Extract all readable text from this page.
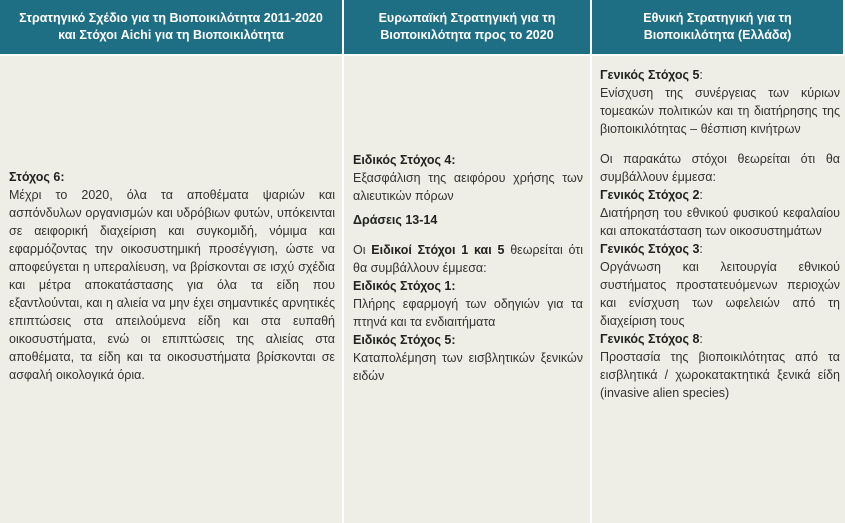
Στρατηγικό Σχέδιο για τη Βιοποικιλότητα 2011-2020 και Στόχοι Aichi για τη Βιοποικιλότητα
Ευρωπαϊκή Στρατηγική για τη Βιοποικιλότητα προς το 2020
Εθνική Στρατηγική για τη Βιοποικιλότητα (Ελλάδα)
Στόχος 6:
Μέχρι το 2020, όλα τα αποθέματα ψαριών και ασπόνδυλων οργανισμών και υδρόβιων φυτών, υπόκεινται σε αειφορική διαχείριση και συγκομιδή, νόμιμα και εφαρμόζοντας την οικοσυστημική προσέγγιση, ώστε να αποφεύγεται η υπεραλίευση, να βρίσκονται σε ισχύ σχέδια και μέτρα αποκατάστασης για όλα τα είδη που εξαντλούνται, και η αλιεία να μην έχει σημαντικές αρνητικές επιπτώσεις στα απειλούμενα είδη και στα ευπαθή οικοσυστήματα, ενώ οι επιπτώσεις της αλιείας στα αποθέματα, τα είδη και τα οικοσυστήματα βρίσκονται σε ασφαλή οικολογικά όρια.
Ειδικός Στόχος 4:
Εξασφάλιση της αειφόρου χρήσης των αλιευτικών πόρων
Δράσεις 13-14
Οι Ειδικοί Στόχοι 1 και 5 θεωρείται ότι θα συμβάλλουν έμμεσα:
Ειδικός Στόχος 1:
Πλήρης εφαρμογή των οδηγιών για τα πτηνά και τα ενδιαιτήματα
Ειδικός Στόχος 5:
Καταπολέμηση των εισβλητικών ξενικών ειδών
Γενικός Στόχος 5:
Ενίσχυση της συνέργειας των κύριων τομεακών πολιτικών και τη διατήρησης της βιοποικιλότητας – θέσπιση κινήτρων
Οι παρακάτω στόχοι θεωρείται ότι θα συμβάλλουν έμμεσα:
Γενικός Στόχος 2:
Διατήρηση του εθνικού φυσικού κεφαλαίου και αποκατάσταση των οικοσυστημάτων
Γενικός Στόχος 3:
Οργάνωση και λειτουργία εθνικού συστήματος προστατευόμενων περιοχών και ενίσχυση των ωφελειών από τη διαχείριση τους
Γενικός Στόχος 8:
Προστασία της βιοποικιλότητας από τα εισβλητικά / χωροκατακτητικά ξενικά είδη (invasive alien species)
